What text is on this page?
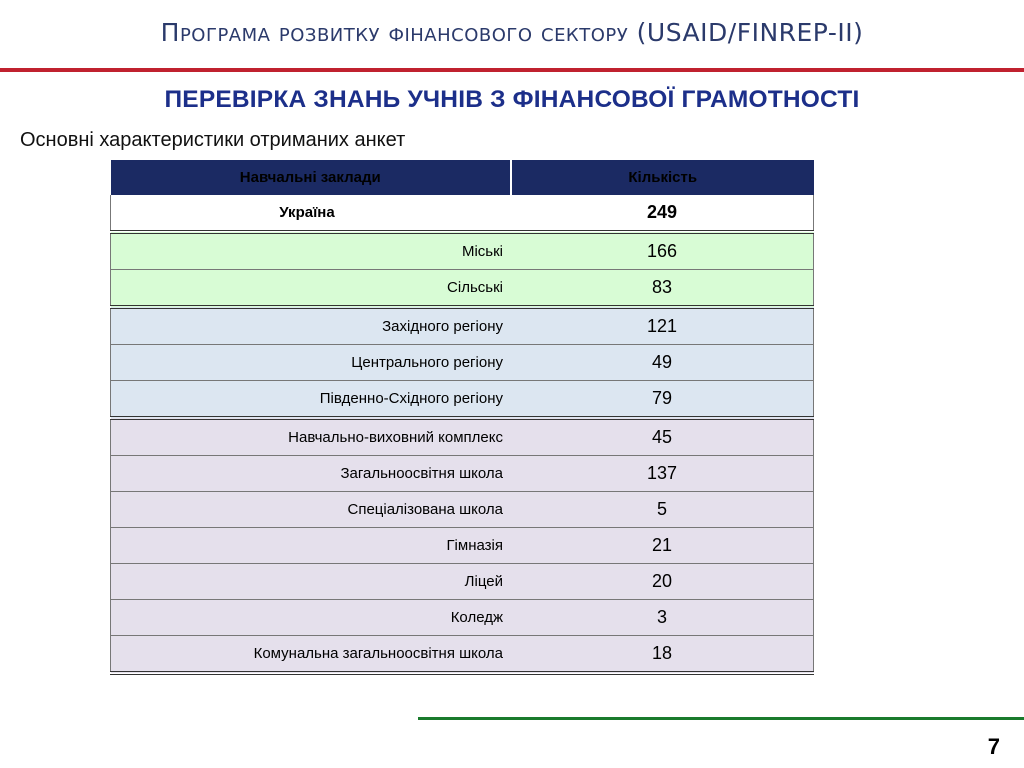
Програма розвитку фінансового сектору (USAID/FINREP-II)
ПЕРЕВІРКА ЗНАНЬ УЧНІВ З ФІНАНСОВОЇ ГРАМОТНОСТІ
Основні характеристики отриманих анкет
Навчальні заклади	Кількість
Україна	249
Міські	166
Сільські	83
Західного регіону	121
Центрального регіону	49
Південно-Східного регіону	79
Навчально-виховний комплекс	45
Загальноосвітня школа	137
Спеціалізована школа	5
Гімназія	21
Ліцей	20
Коледж	3
Комунальна загальноосвітня школа	18
7
